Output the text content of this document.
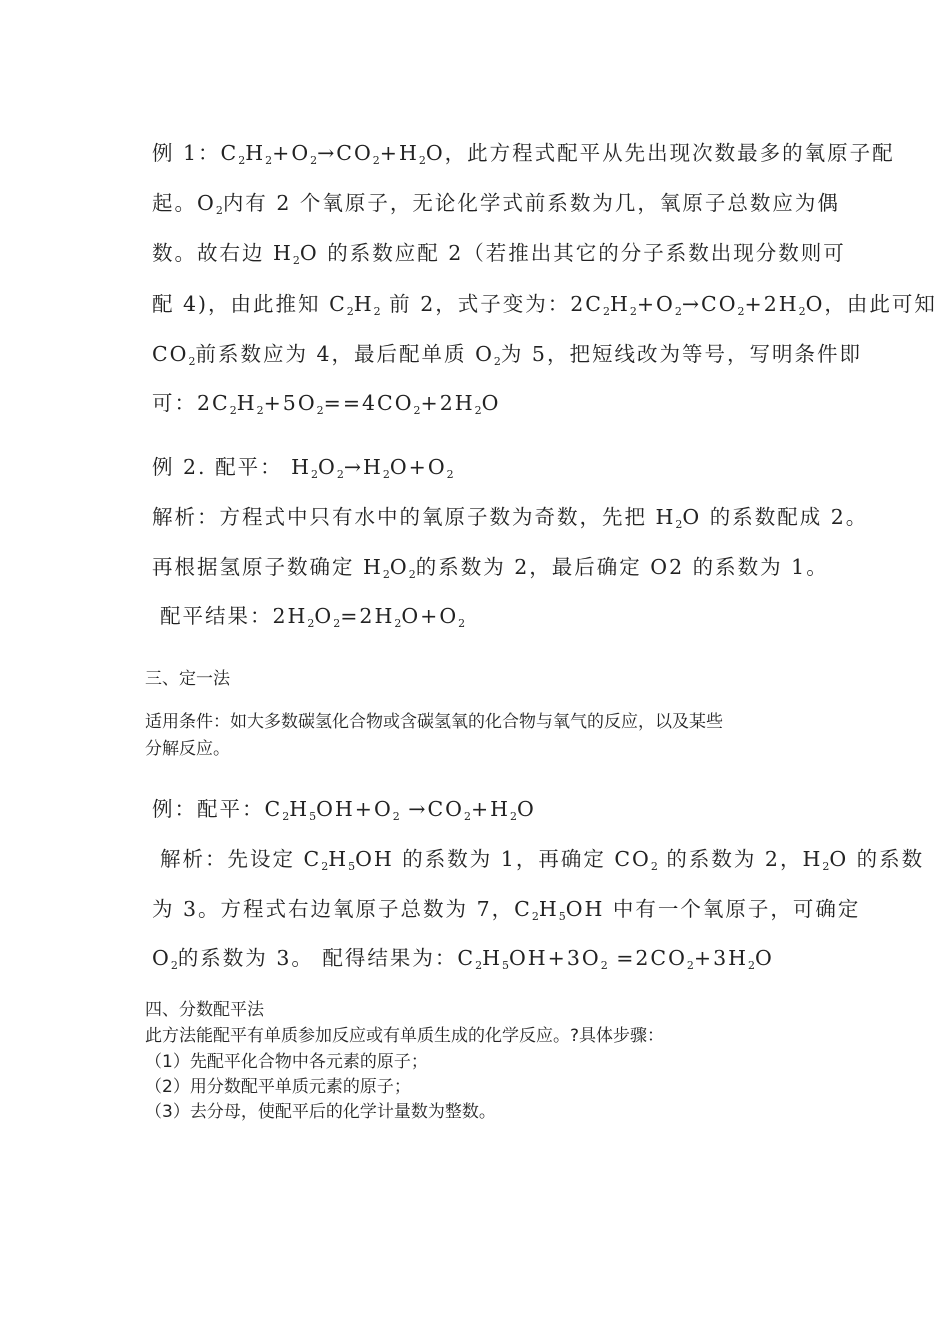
例 1：$C_2H_2+O_2\to CO_2+H_2O$，此方程式配平从先出现次数最多的氧原子配
起。$O_2$内有 2 个氧原子，无论化学式前系数为几，氧原子总数应为偶
数。故右边 $H_2O$ 的系数应配 2（若推出其它的分子系数出现分数则可
配 4)，由此推知 $C_2H_2$ 前 2，式子变为：$2C_2H_2+O_2\to CO_2+2H_2O$，由此可知
$CO_2$前系数应为 4，最后配单质 $O_2$为 5，把短线改为等号，写明条件即
可：$2C_2H_2+5O_2==4CO_2+2H_2O$
例 2. 配平： $H_2O_2\to H_2O+O_2$
解析：方程式中只有水中的氧原子数为奇数，先把 $H_2O$ 的系数配成 2。
再根据氢原子数确定 $H_2O_2$的系数为 2，最后确定 O2 的系数为 1。
配平结果：$2H_2O_2=2H_2O+O_2$
三、定一法
适用条件：如大多数碳氢化合物或含碳氢氧的化合物与氧气的反应，以及某些
分解反应。
例：配平：$C_2H_5OH+O_2 \to CO_2+H_2O$
解析：先设定 $C_2H_5OH$ 的系数为 1，再确定 $CO_2$ 的系数为 2，$H_2O$ 的系数
为 3。方程式右边氧原子总数为 7，$C_2H_5OH$ 中有一个氧原子，可确定
$O_2$的系数为 3。 配得结果为：$C_2H_5OH+3O_2 =2CO_2+3H_2O$
四、分数配平法
此方法能配平有单质参加反应或有单质生成的化学反应。?具体步骤：
（1）先配平化合物中各元素的原子；
（2）用分数配平单质元素的原子；
（3）去分母，使配平后的化学计量数为整数。
